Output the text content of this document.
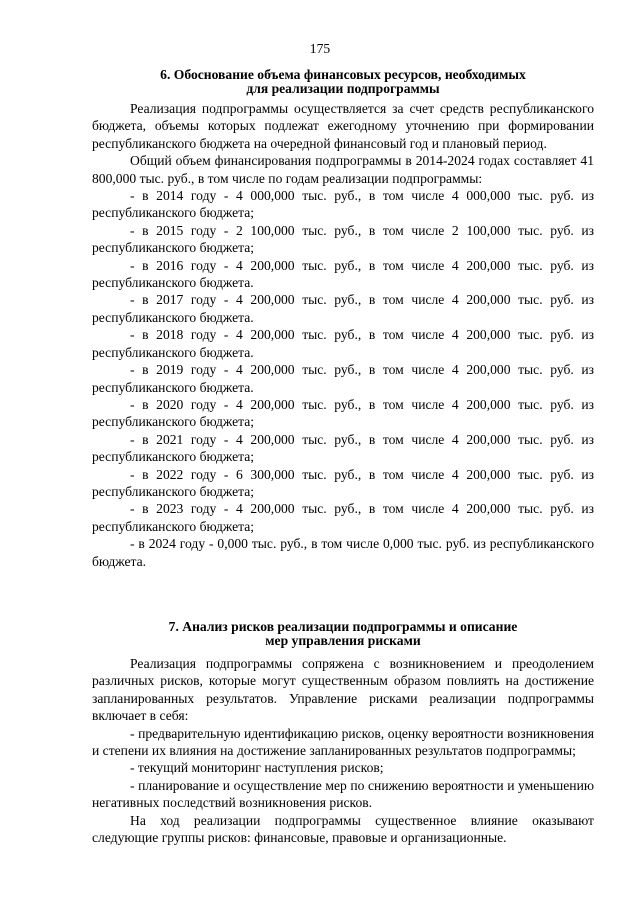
175
6. Обоснование объема финансовых ресурсов, необходимых
для реализации подпрограммы

Реализация подпрограммы осуществляется за счет средств республиканского бюджета, объемы которых подлежат ежегодному уточнению при формировании республиканского бюджета на очередной финансовый год и плановый период.

Общий объем финансирования подпрограммы в 2014-2024 годах составляет 41 800,000 тыс. руб., в том числе по годам реализации подпрограммы:

- в 2014 году - 4 000,000 тыс. руб., в том числе 4 000,000 тыс. руб. из республиканского бюджета;

- в 2015 году - 2 100,000 тыс. руб., в том числе 2 100,000 тыс. руб. из республиканского бюджета;

- в 2016 году - 4 200,000 тыс. руб., в том числе 4 200,000 тыс. руб. из республиканского бюджета.

- в 2017 году - 4 200,000 тыс. руб., в том числе 4 200,000 тыс. руб. из республиканского бюджета.

- в 2018 году - 4 200,000 тыс. руб., в том числе 4 200,000 тыс. руб. из республиканского бюджета.

- в 2019 году - 4 200,000 тыс. руб., в том числе 4 200,000 тыс. руб. из республиканского бюджета.

- в 2020 году - 4 200,000 тыс. руб., в том числе 4 200,000 тыс. руб. из республиканского бюджета;

- в 2021 году - 4 200,000 тыс. руб., в том числе 4 200,000 тыс. руб. из республиканского бюджета;

- в 2022 году - 6 300,000 тыс. руб., в том числе 4 200,000 тыс. руб. из республиканского бюджета;

- в 2023 году - 4 200,000 тыс. руб., в том числе 4 200,000 тыс. руб. из республиканского бюджета;

- в 2024 году - 0,000 тыс. руб., в том числе 0,000 тыс. руб. из республиканского бюджета.

7. Анализ рисков реализации подпрограммы и описание
мер управления рисками

Реализация подпрограммы сопряжена с возникновением и преодолением различных рисков, которые могут существенным образом повлиять на достижение запланированных результатов. Управление рисками реализации подпрограммы включает в себя:

- предварительную идентификацию рисков, оценку вероятности возникновения и степени их влияния на достижение запланированных результатов подпрограммы;

- текущий мониторинг наступления рисков;

- планирование и осуществление мер по снижению вероятности и уменьшению негативных последствий возникновения рисков.

На ход реализации подпрограммы существенное влияние оказывают следующие группы рисков: финансовые, правовые и организационные.
